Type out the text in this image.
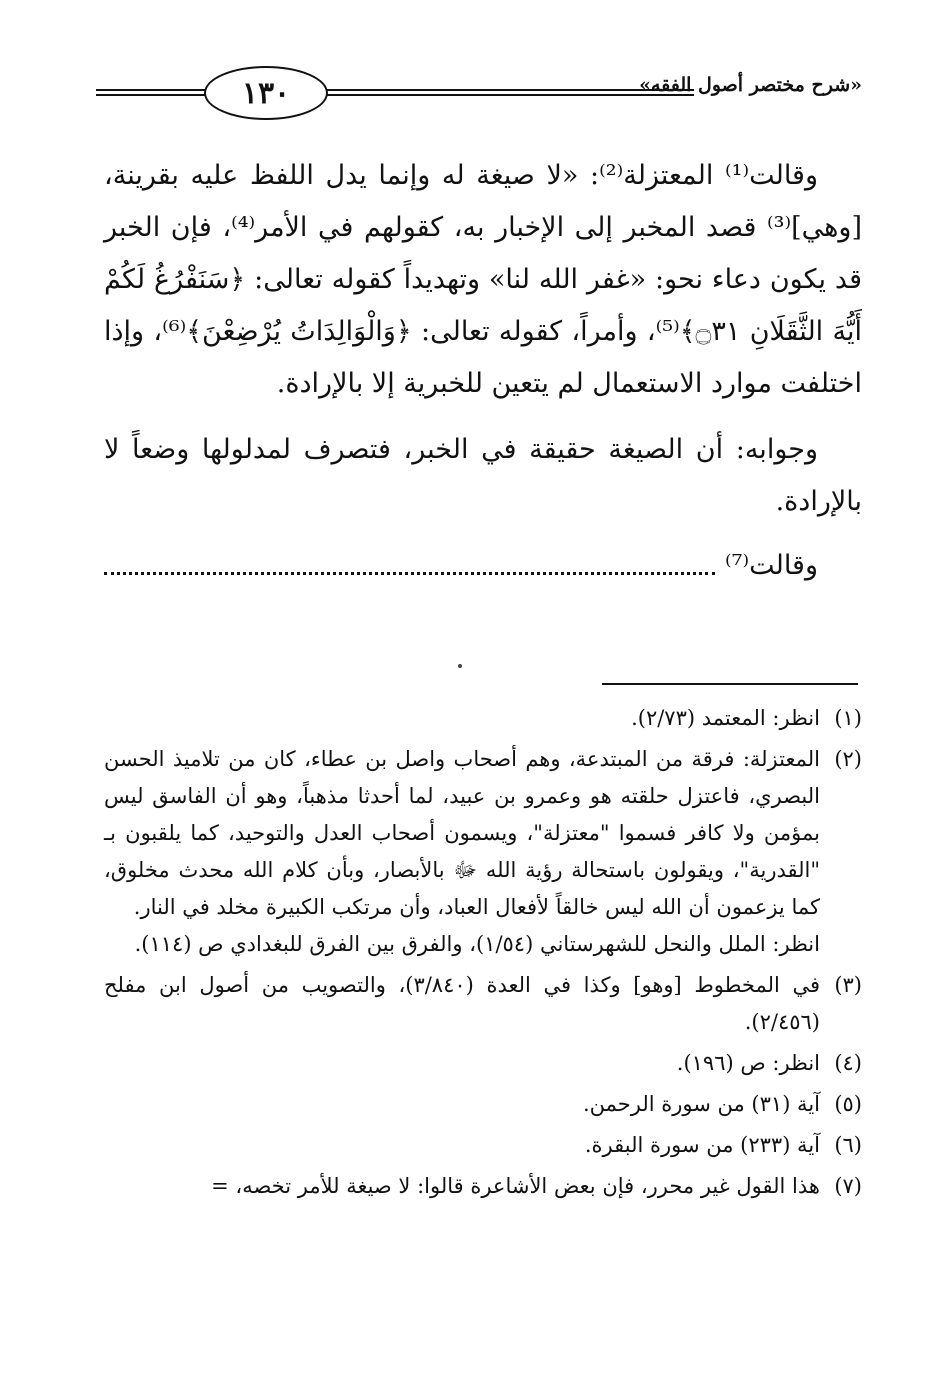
١٣٠	«شرح مختصر أصول الفقه»

وقالت⁽¹⁾ المعتزلة⁽²⁾: «لا صيغة له وإنما يدل اللفظ عليه بقرينة، [وهي]⁽³⁾ قصد المخبر إلى الإخبار به، كقولهم في الأمر⁽⁴⁾، فإن الخبر قد يكون دعاء نحو: «غفر الله لنا» وتهديداً كقوله تعالى: ﴿سَنَفْرُغُ لَكُمْ أَيُّهَ الثَّقَلَانِ ۝٣١﴾⁽⁵⁾، وأمراً، كقوله تعالى: ﴿وَالْوَالِدَاتُ يُرْضِعْنَ﴾⁽⁶⁾، وإذا اختلفت موارد الاستعمال لم يتعين للخبرية إلا بالإرادة.

وجوابه: أن الصيغة حقيقة في الخبر، فتصرف لمدلولها وضعاً لا بالإرادة.

وقالت⁽⁷⁾
(١)
انظر: المعتمد (٢/٧٣).
(٢)

المعتزلة: فرقة من المبتدعة، وهم أصحاب واصل بن عطاء، كان من تلاميذ الحسن البصري، فاعتزل حلقته هو وعمرو بن عبيد، لما أحدثا مذهباً، وهو أن الفاسق ليس بمؤمن ولا كافر فسموا "معتزلة"، ويسمون أصحاب العدل والتوحيد، كما يلقبون بـ "القدرية"، ويقولون باستحالة رؤية الله ﷻ بالأبصار، وبأن كلام الله محدث مخلوق، كما يزعمون أن الله ليس خالقاً لأفعال العباد، وأن مرتكب الكبيرة مخلد في النار.

انظر: الملل والنحل للشهرستاني (١/٥٤)، والفرق بين الفرق للبغدادي ص (١١٤).

(٣)
في المخطوط [وهو] وكذا في العدة (٣/٨٤٠)، والتصويب من أصول ابن مفلح (٢/٤٥٦).
(٤)
انظر: ص (١٩٦).
(٥)
آية (٣١) من سورة الرحمن.
(٦)
آية (٢٣٣) من سورة البقرة.
(٧)
هذا القول غير محرر، فإن بعض الأشاعرة قالوا: لا صيغة للأمر تخصه، =
